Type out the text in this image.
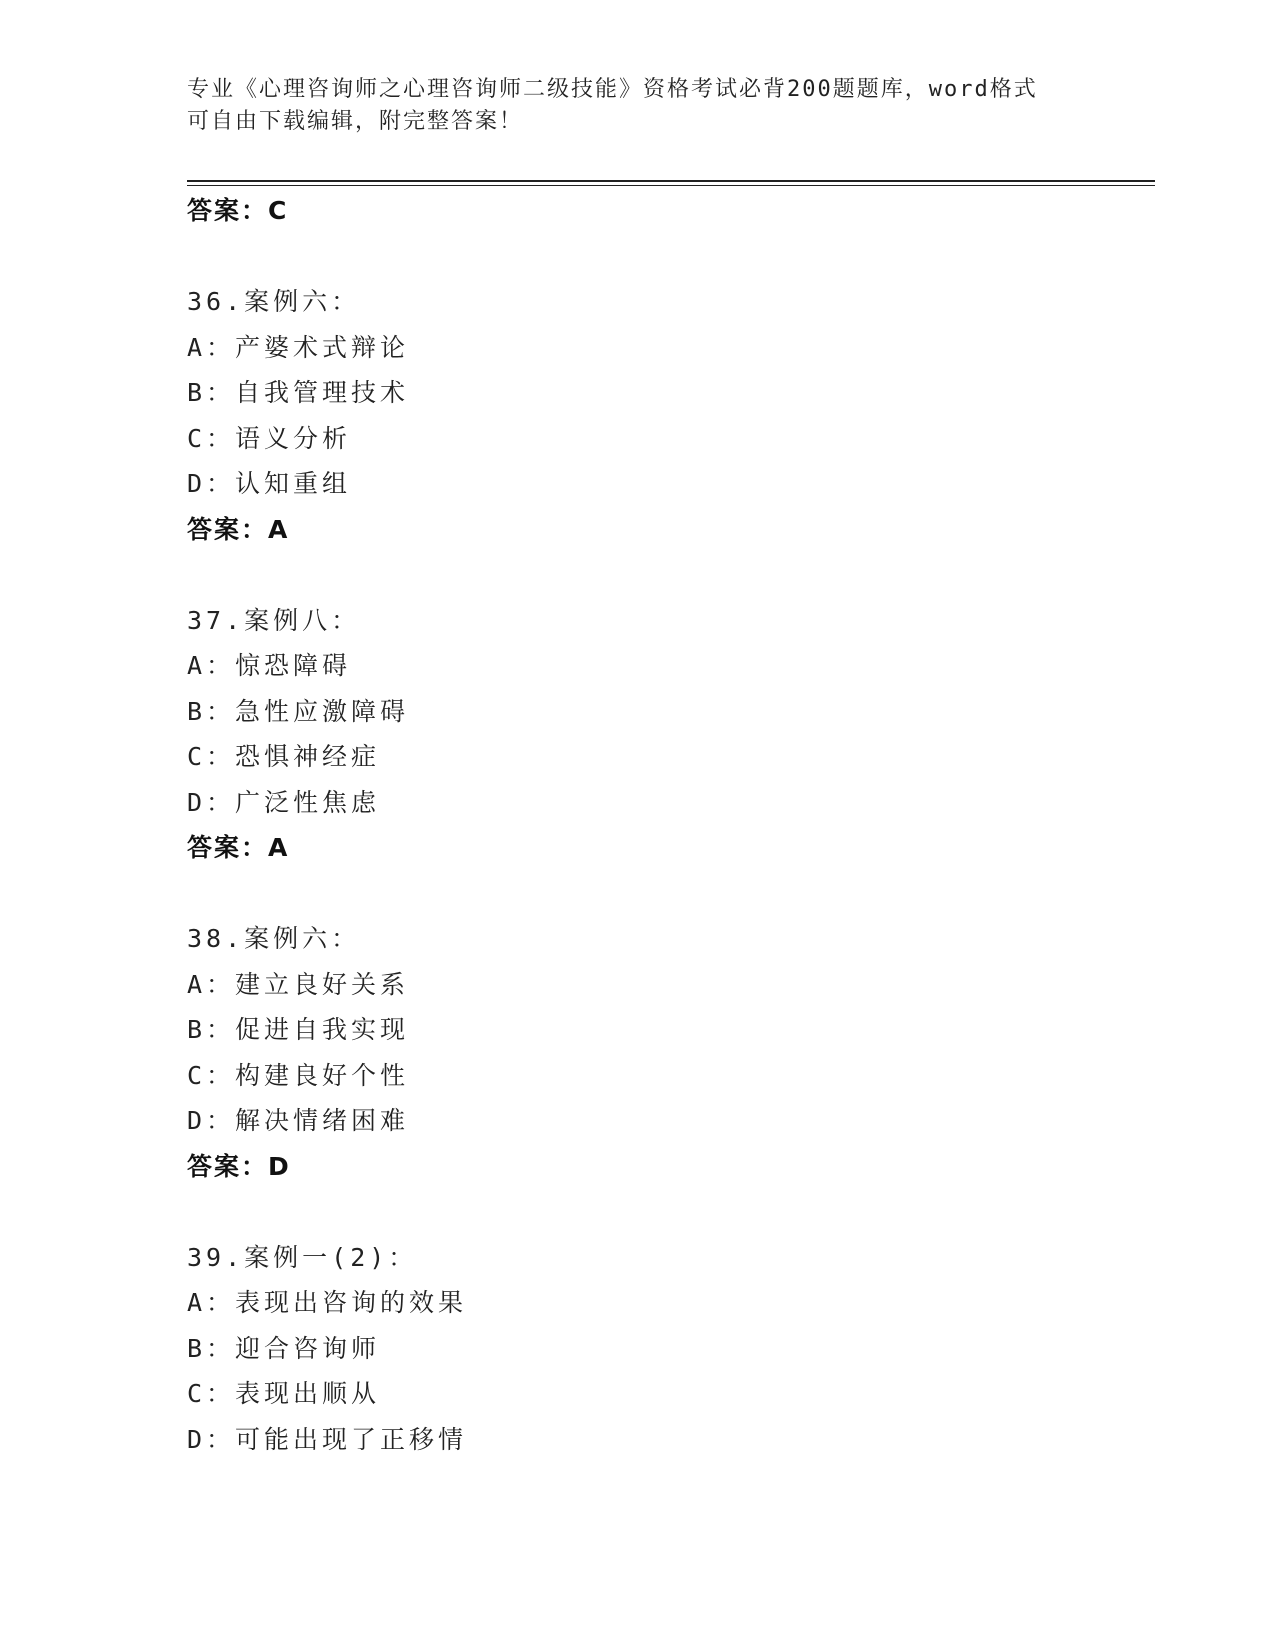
专业《心理咨询师之心理咨询师二级技能》资格考试必背200题题库，word格式
可自由下载编辑，附完整答案！
答案：C
36.案例六：
A：产婆术式辩论
B：自我管理技术
C：语义分析
D：认知重组
答案：A
37.案例八：
A：惊恐障碍
B：急性应激障碍
C：恐惧神经症
D：广泛性焦虑
答案：A
38.案例六：
A：建立良好关系
B：促进自我实现
C：构建良好个性
D：解决情绪困难
答案：D
39.案例一(2)：
A：表现出咨询的效果
B：迎合咨询师
C：表现出顺从
D：可能出现了正移情
